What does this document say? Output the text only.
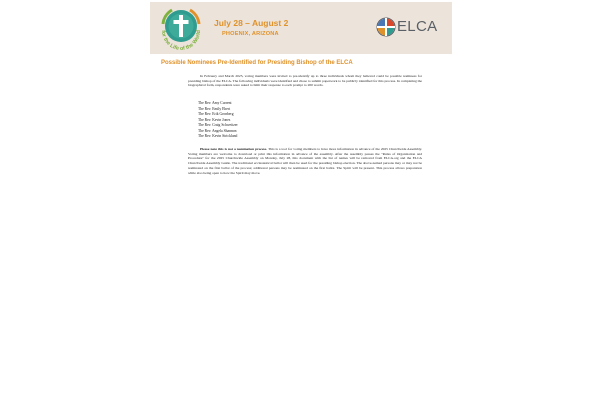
for the Life of the World
July 28 – August 2
PHOENIX, ARIZONA	ELCA
Possible Nominees Pre-Identified for Presiding Bishop of the ELCA

In February and March 2025, voting members were invited to pre-identify up to three individuals whom they believed could be possible nominees for presiding bishop of the ELCA. The following individuals were identified and chose to submit paperwork to be publicly identified for this process. In completing the biographical form, respondents were asked to limit their response to each prompt to 200 words.

The Rev. Amy Current
The Rev. Emily Ebert
The Rev. Erik Gronberg
The Rev. Kevin Jones
The Rev. Craig Schweitzer
The Rev. Angela Shannon
The Rev. Kevin Strickland

Please note this is not a nomination process. This is a tool for voting members to have more information in advance of the 2025 Churchwide Assembly. Voting members are welcome to download or print this information in advance of the assembly. After the assembly passes the "Rules of Organization and Procedure" for the 2025 Churchwide Assembly on Monday, July 28, this document with the list of names will be removed from ELCA.org and the ELCA Churchwide Assembly Guide. The traditional ecclesiastical ballot will then be used for the presiding bishop election. The above-named persons may or may not be nominated on the first ballot of the process; additional persons may be nominated on the first ballot. The Spirit will be present. This process allows preparation while also being open to how the Spirit may move.
